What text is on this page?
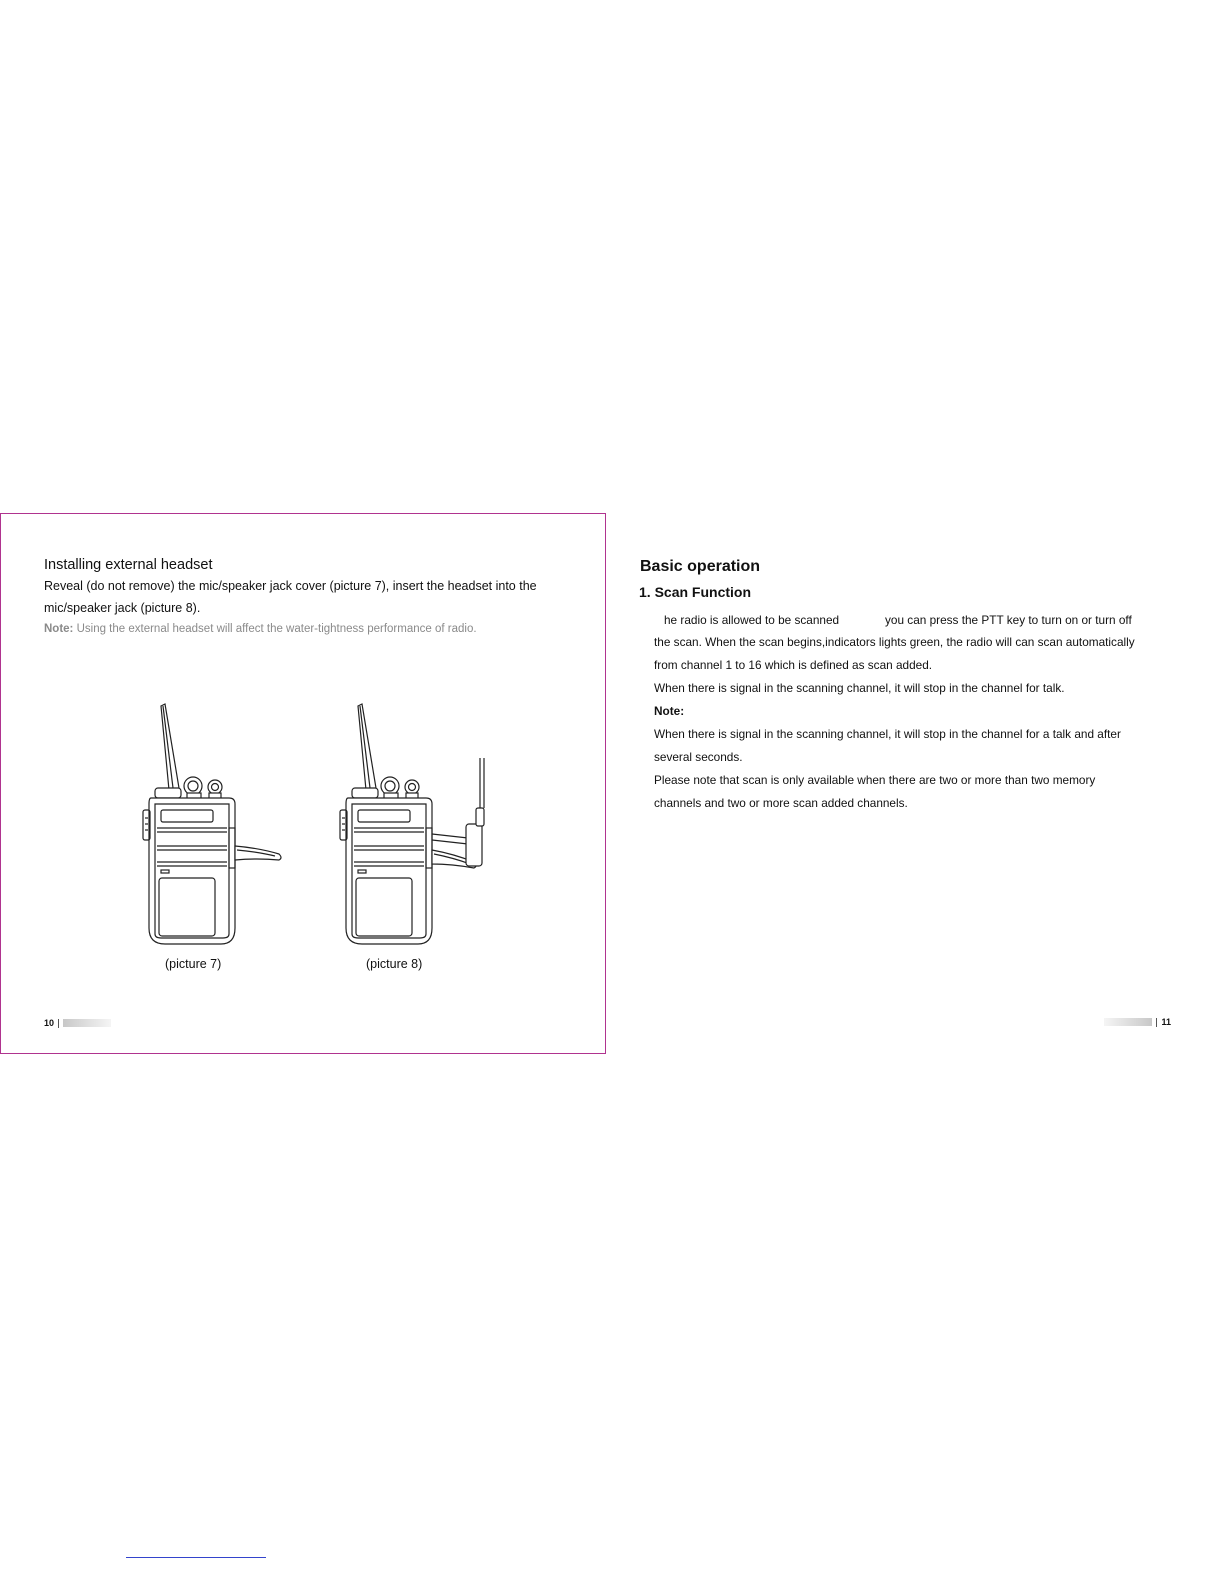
Installing external headset
Reveal (do not remove) the mic/speaker jack cover (picture 7), insert the headset into the
mic/speaker jack (picture 8).
Note: Using the external headset will affect the water-tightness performance of radio.
(picture 7)	(picture 8)
10
Basic operation
1. Scan Function
he radio is allowed to be scanned	you can press the PTT key to turn on or turn off
the scan. When the scan begins,indicators lights green, the radio will can scan automatically
from channel 1 to 16 which is defined as scan added.
When there is signal in the scanning channel, it will stop in the channel for talk.
Note:
When there is signal in the scanning channel, it will stop in the channel for a talk and after
several seconds.
Please note that scan is only available when there are two or more than two memory
channels and two or more scan added channels.
11
